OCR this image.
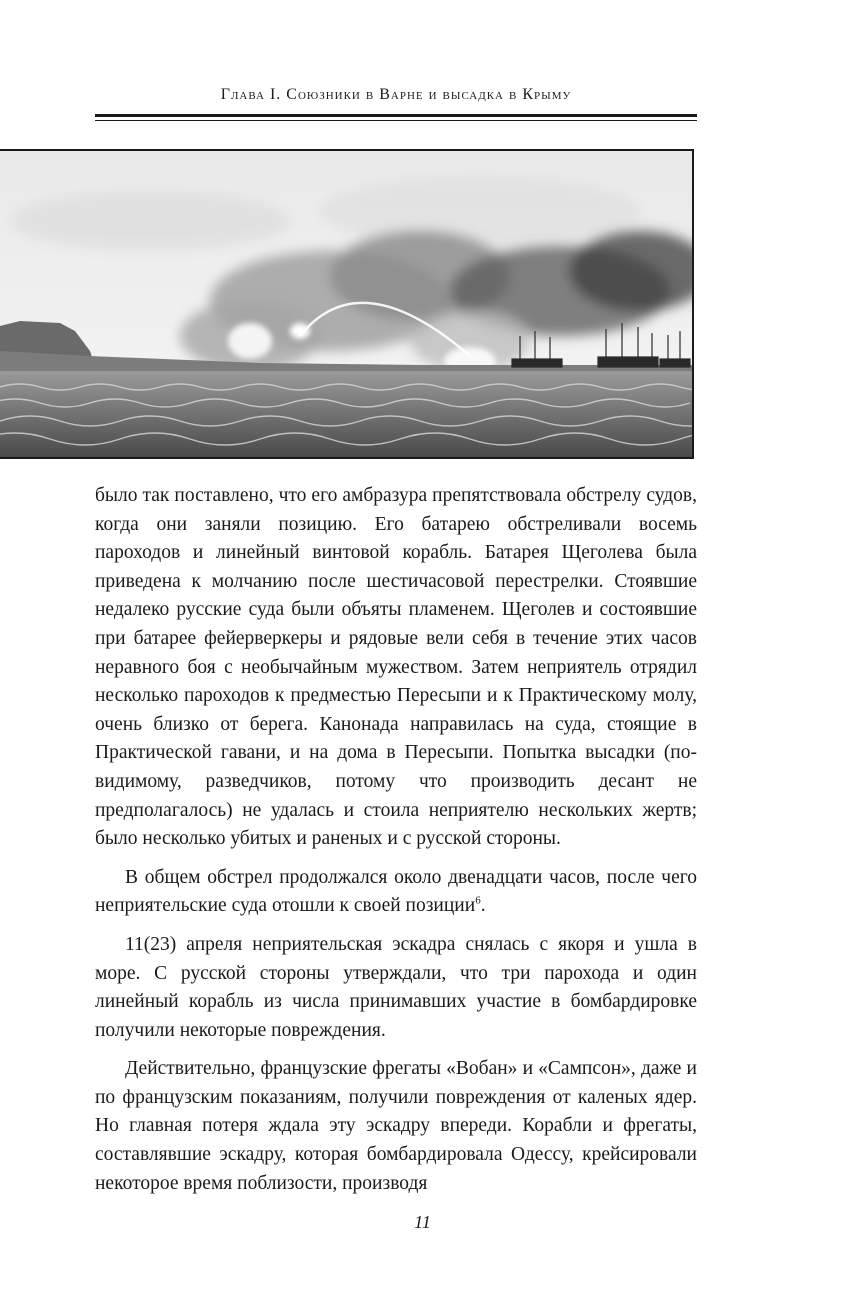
Глава I. Союзники в Варне и высадка в Крыму

было так поставлено, что его амбразура препятствовала обстрелу судов, когда они заняли позицию. Его батарею обстреливали восемь пароходов и линейный винтовой корабль. Батарея Щеголева была приведена к молчанию после шестичасовой перестрелки. Стоявшие недалеко русские суда были объяты пламенем. Щеголев и состоявшие при батарее фейерверкеры и рядовые вели себя в течение этих часов неравного боя с необычайным мужеством. Затем неприятель отрядил несколько пароходов к предместью Пересыпи и к Практическому молу, очень близко от берега. Канонада направилась на суда, стоящие в Практической гавани, и на дома в Пересыпи. Попытка высадки (по-видимому, разведчиков, потому что производить десант не предполагалось) не удалась и стоила неприятелю нескольких жертв; было несколько убитых и раненых и с русской стороны.

В общем обстрел продолжался около двенадцати часов, после чего неприятельские суда отошли к своей позиции$^6$.

11(23) апреля неприятельская эскадра снялась с якоря и ушла в море. С русской стороны утверждали, что три парохода и один линейный корабль из числа принимавших участие в бомбардировке получили некоторые повреждения.

Действительно, французские фрегаты «Вобан» и «Сампсон», даже и по французским показаниям, получили повреждения от каленых ядер. Но главная потеря ждала эту эскадру впереди. Корабли и фрегаты, составлявшие эскадру, которая бомбардировала Одессу, крейсировали некоторое время поблизости, производя

11
